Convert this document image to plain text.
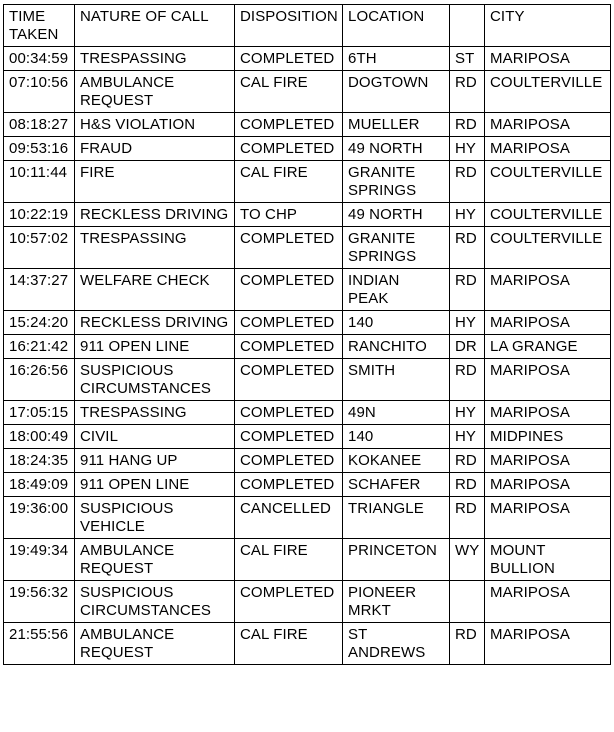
TIME
TAKEN	NATURE OF CALL	DISPOSITION	LOCATION		CITY
00:34:59	TRESPASSING	COMPLETED	6TH	ST	MARIPOSA
07:10:56	AMBULANCE
REQUEST	CAL FIRE	DOGTOWN	RD	COULTERVILLE
08:18:27	H&S VIOLATION	COMPLETED	MUELLER	RD	MARIPOSA
09:53:16	FRAUD	COMPLETED	49 NORTH	HY	MARIPOSA
10:11:44	FIRE	CAL FIRE	GRANITE
SPRINGS	RD	COULTERVILLE
10:22:19	RECKLESS DRIVING	TO CHP	49 NORTH	HY	COULTERVILLE
10:57:02	TRESPASSING	COMPLETED	GRANITE
SPRINGS	RD	COULTERVILLE
14:37:27	WELFARE CHECK	COMPLETED	INDIAN PEAK	RD	MARIPOSA
15:24:20	RECKLESS DRIVING	COMPLETED	140	HY	MARIPOSA
16:21:42	911 OPEN LINE	COMPLETED	RANCHITO	DR	LA GRANGE
16:26:56	SUSPICIOUS
CIRCUMSTANCES	COMPLETED	SMITH	RD	MARIPOSA
17:05:15	TRESPASSING	COMPLETED	49N	HY	MARIPOSA
18:00:49	CIVIL	COMPLETED	140	HY	MIDPINES
18:24:35	911 HANG UP	COMPLETED	KOKANEE	RD	MARIPOSA
18:49:09	911 OPEN LINE	COMPLETED	SCHAFER	RD	MARIPOSA
19:36:00	SUSPICIOUS
VEHICLE	CANCELLED	TRIANGLE	RD	MARIPOSA
19:49:34	AMBULANCE
REQUEST	CAL FIRE	PRINCETON	WY	MOUNT
BULLION
19:56:32	SUSPICIOUS
CIRCUMSTANCES	COMPLETED	PIONEER
MRKT		MARIPOSA
21:55:56	AMBULANCE
REQUEST	CAL FIRE	ST
ANDREWS	RD	MARIPOSA
